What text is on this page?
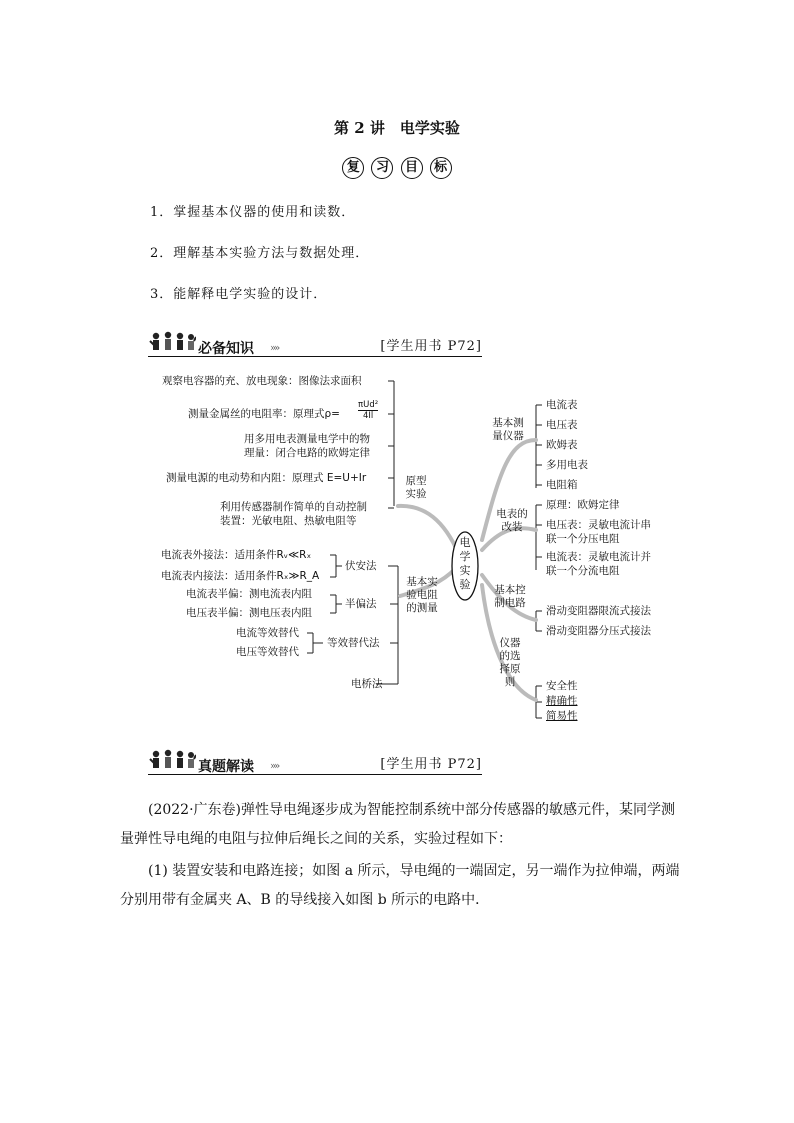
第 2 讲　电学实验
复 习 目 标
1．掌握基本仪器的使用和读数．
2．理解基本实验方法与数据处理．
3．能解释电学实验的设计．
必备知识 »»	[学生用书 P72]
电学实验
观察电容器的充、放电现象：图像法求面积
测量金属丝的电阻率：原理式ρ=
πUd²
4Il
用多用电表测量电学中的物
理量：闭合电路的欧姆定律
测量电源的电动势和内阻：原理式 E=U+Ir
利用传感器制作简单的自动控制
装置：光敏电阻、热敏电阻等
原型实验
电流表外接法：适用条件Rᵥ≪Rₓ
电流表内接法：适用条件Rₓ≫R_A
伏安法
电流表半偏：测电流表内阻
电压表半偏：测电压表内阻
半偏法
电流等效替代
电压等效替代
等效替代法
电桥法
基本实验电阻的测量
基本测量仪器
电流表
电压表
欧姆表
多用电表
电阻箱
电表的改装
原理：欧姆定律
电压表：灵敏电流计串
联一个分压电阻
电流表：灵敏电流计并
联一个分流电阻
基本控制电路
滑动变阻器限流式接法
滑动变阻器分压式接法
仪器的选择原则	安全性
精确性
简易性
真题解读 »»	[学生用书 P72]
(2022·广东卷)弹性导电绳逐步成为智能控制系统中部分传感器的敏感元件，某同学测量弹性导电绳的电阻与拉伸后绳长之间的关系，实验过程如下：
(1) 装置安装和电路连接；如图 a 所示，导电绳的一端固定，另一端作为拉伸端，两端分别用带有金属夹 A、B 的导线接入如图 b 所示的电路中．
